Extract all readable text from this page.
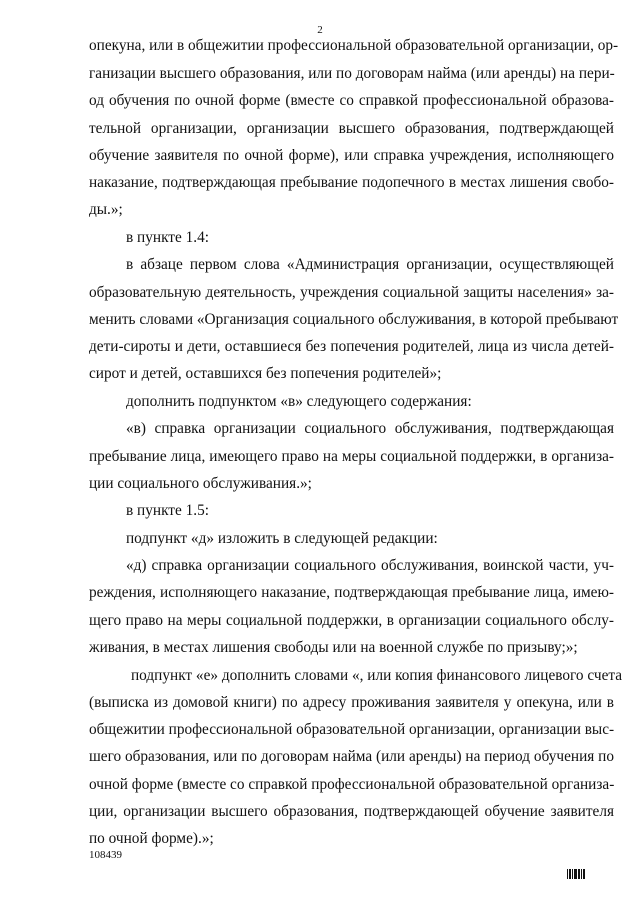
2
опекуна, или в общежитии профессиональной образовательной организации, ор-
ганизации высшего образования, или по договорам найма (или аренды) на пери-
од обучения по очной форме (вместе со справкой профессиональной образова-
тельной организации, организации высшего образования, подтверждающей
обучение заявителя по очной форме), или справка учреждения, исполняющего
наказание, подтверждающая пребывание подопечного в местах лишения свобо-
ды.»;
в пункте 1.4:
в абзаце первом слова «Администрация организации, осуществляющей
образовательную деятельность, учреждения социальной защиты населения» за-
менить словами «Организация социального обслуживания, в которой пребывают
дети-сироты и дети, оставшиеся без попечения родителей, лица из числа детей-
сирот и детей, оставшихся без попечения родителей»;
дополнить подпунктом «в» следующего содержания:
«в) справка организации социального обслуживания, подтверждающая
пребывание лица, имеющего право на меры социальной поддержки, в организа-
ции социального обслуживания.»;
в пункте 1.5:
подпункт «д» изложить в следующей редакции:
«д) справка организации социального обслуживания, воинской части, уч-
реждения, исполняющего наказание, подтверждающая пребывание лица, имею-
щего право на меры социальной поддержки, в организации социального обслу-
живания, в местах лишения свободы или на военной службе по призыву;»;
подпункт «е» дополнить словами «, или копия финансового лицевого счета
(выписка из домовой книги) по адресу проживания заявителя у опекуна, или в
общежитии профессиональной образовательной организации, организации выс-
шего образования, или по договорам найма (или аренды) на период обучения по
очной форме (вместе со справкой профессиональной образовательной организа-
ции, организации высшего образования, подтверждающей обучение заявителя
по очной форме).»;
108439
